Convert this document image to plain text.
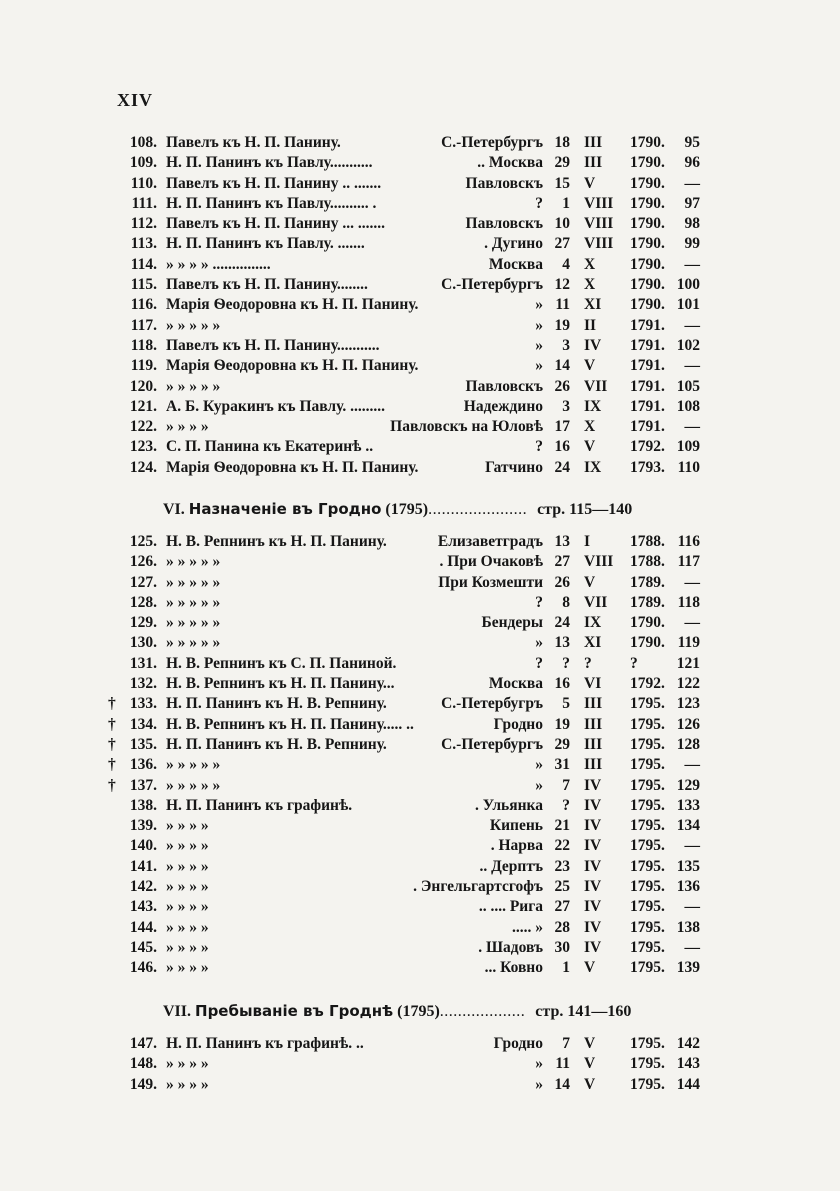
XIV
108. Павелъ къ Н. П. Панину.	С.-Петербургъ 18 III 1790.	95
109. Н. П. Панинъ къ Павлу...........	.. Москва 29 III 1790.	96
110. Павелъ къ Н. П. Панину .. .......	Павловскъ 15 V 1790.	—
111. Н. П. Панинъ къ Павлу.......... .	?	1 VIII 1790.	97
112. Павелъ къ Н. П. Панину ... .......	Павловскъ 10 VIII 1790.	98
113. Н. П. Панинъ къ Павлу. .......	. Дугино 27 VIII 1790.	99
114. » » » » ...............	Москва	4 X 1790.	—
115. Павелъ къ Н. П. Панину........	С.-Петербургъ 12 X 1790. 100
116. Марія Ѳеодоровна къ Н. П. Панину.	» 11 XI 1790. 101
117. » » » » »	» 19 II 1791.	—
118. Павелъ къ Н. П. Панину...........	»	3 IV 1791. 102
119. Марія Ѳеодоровна къ Н. П. Панину.	» 14 V 1791.	—
120. » » » » »	Павловскъ 26 VII 1791. 105
121. А. Б. Куракинъ къ Павлу. .........	Надеждино	3 IX 1791. 108
122. » » » »	Павловскъ на Юловѣ 17 X 1791.	—
123. С. П. Панина къ Екатеринѣ ..	? 16 V 1792. 109
124. Марія Ѳеодоровна къ Н. П. Панину.	Гатчино 24 IX 1793. 110
VI. Назначеніе въ Гродно (1795)...................... стр. 115—140
125. Н. В. Репнинъ къ Н. П. Панину.	Елизаветградъ 13 I	1788. 116
126. » » » » »	. При Очаковѣ 27 VIII 1788. 117
127. » » » » »	При Козмешти 26 V 1789.	—
128. » » » » »	?	8 VII 1789. 118
129. » » » » »	Бендеры 24 IX 1790.	—
130. » » » » »	» 13 XI 1790. 119
131. Н. В. Репнинъ къ С. П. Паниной.	?	? ? ?	121
132. Н. В. Репнинъ къ Н. П. Панину...	Москва 16 VI 1792. 122
† 133. Н. П. Панинъ къ Н. В. Репнину.	С.-Петербугръ	5 III 1795. 123
† 134. Н. В. Репнинъ къ Н. П. Панину..... ..	Гродно 19 III 1795. 126
† 135. Н. П. Панинъ къ Н. В. Репнину.	С.-Петербургъ 29 III 1795. 128
† 136. » » » » »	» 31 III 1795.	—
† 137. » » » » »	»	7 IV 1795. 129
138. Н. П. Панинъ къ графинѣ.	. Ульянка	? IV 1795. 133
139. » » » »	Кипень 21 IV 1795. 134
140. » » » »	. Нарва 22 IV 1795.	—
141. » » » »	.. Дерптъ 23 IV 1795. 135
142. » » » »	. Энгельгартсгофъ 25 IV 1795. 136
143. » » » »	.. .... Рига 27 IV 1795.	—
144. » » » »	..... » 28 IV 1795. 138
145. » » » »	. Шадовъ 30 IV 1795.	—
146. » » » »	... Ковно	1 V 1795. 139
VII. Пребываніе въ Гроднѣ (1795)................... стр. 141—160
147. Н. П. Панинъ къ графинѣ. ..	Гродно	7 V 1795. 142
148. » » » »	» 11 V 1795. 143
149. » » » »	» 14 V 1795. 144
